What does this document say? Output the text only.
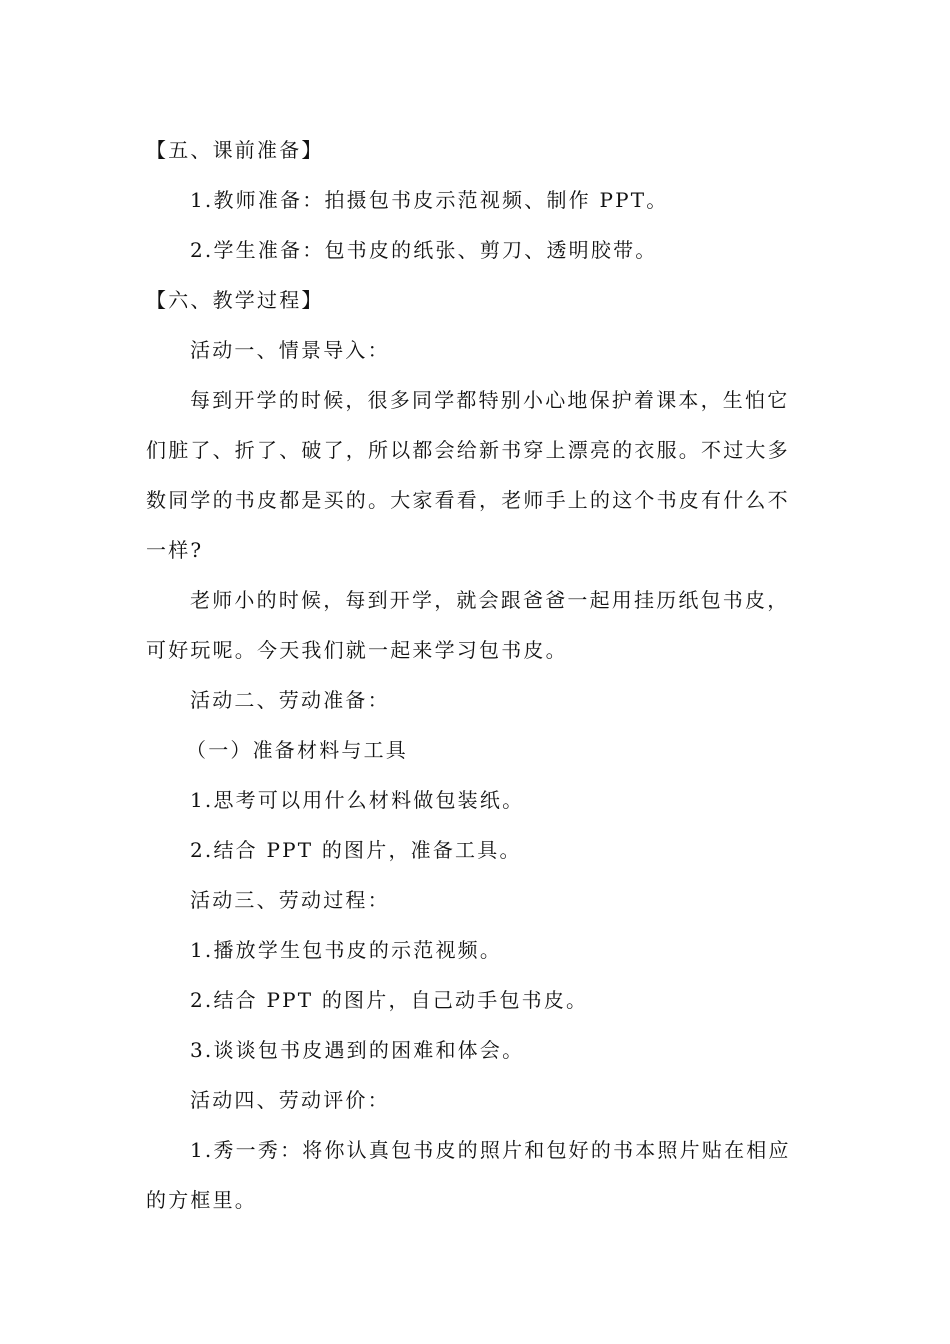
【五、课前准备】
1.教师准备：拍摄包书皮示范视频、制作 PPT。
2.学生准备：包书皮的纸张、剪刀、透明胶带。
【六、教学过程】
活动一、情景导入：
每到开学的时候，很多同学都特别小心地保护着课本，生怕它
们脏了、折了、破了，所以都会给新书穿上漂亮的衣服。不过大多
数同学的书皮都是买的。大家看看，老师手上的这个书皮有什么不
一样?
老师小的时候，每到开学，就会跟爸爸一起用挂历纸包书皮，
可好玩呢。今天我们就一起来学习包书皮。
活动二、劳动准备：
（一）准备材料与工具
1.思考可以用什么材料做包装纸。
2.结合 PPT 的图片，准备工具。
活动三、劳动过程：
1.播放学生包书皮的示范视频。
2.结合 PPT 的图片，自己动手包书皮。
3.谈谈包书皮遇到的困难和体会。
活动四、劳动评价：
1.秀一秀：将你认真包书皮的照片和包好的书本照片贴在相应
的方框里。
